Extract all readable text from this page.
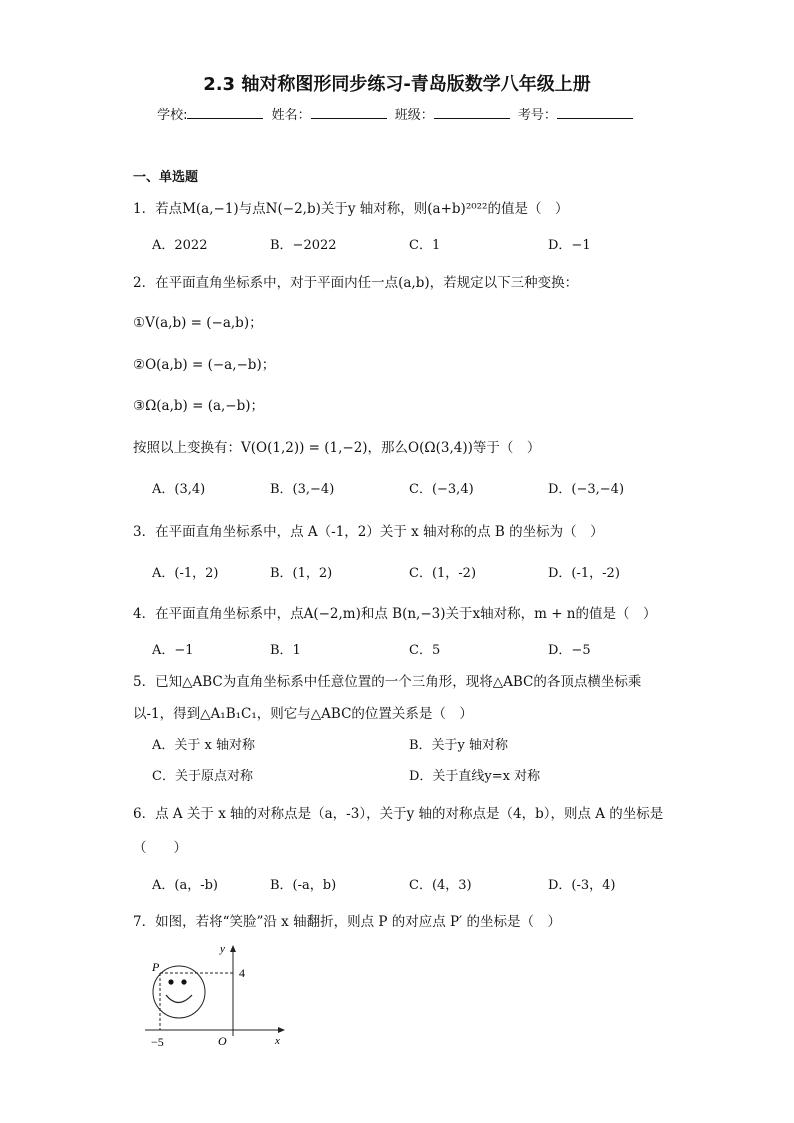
2.3 轴对称图形同步练习-青岛版数学八年级上册
学校:	姓名：	班级：	考号：
一、单选题
1．若点M(a,−1)与点N(−2,b)关于y 轴对称，则(a+b)²⁰²²的值是（　）
A．2022	B．−2022	C．1	D．−1
2．在平面直角坐标系中，对于平面内任一点(a,b)，若规定以下三种变换：
①V(a,b) = (−a,b)；
②O(a,b) = (−a,−b)；
③Ω(a,b) = (a,−b)；
按照以上变换有：V(O(1,2)) = (1,−2)，那么O(Ω(3,4))等于（　）
A．(3,4)	B．(3,−4)	C．(−3,4)	D．(−3,−4)
3．在平面直角坐标系中，点 A（-1，2）关于 x 轴对称的点 B 的坐标为（　）
A．(-1，2)	B．(1，2)	C．(1，-2)	D．(-1，-2)
4．在平面直角坐标系中，点A(−2,m)和点 B(n,−3)关于x轴对称，m + n的值是（　）
A．−1	B．1	C．5	D．−5
5．已知△ABC为直角坐标系中任意位置的一个三角形，现将△ABC的各顶点横坐标乘
以-1，得到△A₁B₁C₁，则它与△ABC的位置关系是（　）
A．关于 x 轴对称	B．关于y 轴对称
C．关于原点对称	D．关于直线y=x 对称
6．点 A 关于 x 轴的对称点是（a，-3），关于y 轴的对称点是（4，b），则点 A 的坐标是
（　　）
A．(a，-b)	B．(-a，b)	C．(4，3)	D．(-3，4)
7．如图，若将“笑脸”沿 x 轴翻折，则点 P 的对应点 P′ 的坐标是（　）
P
y
4
−5	O	x
